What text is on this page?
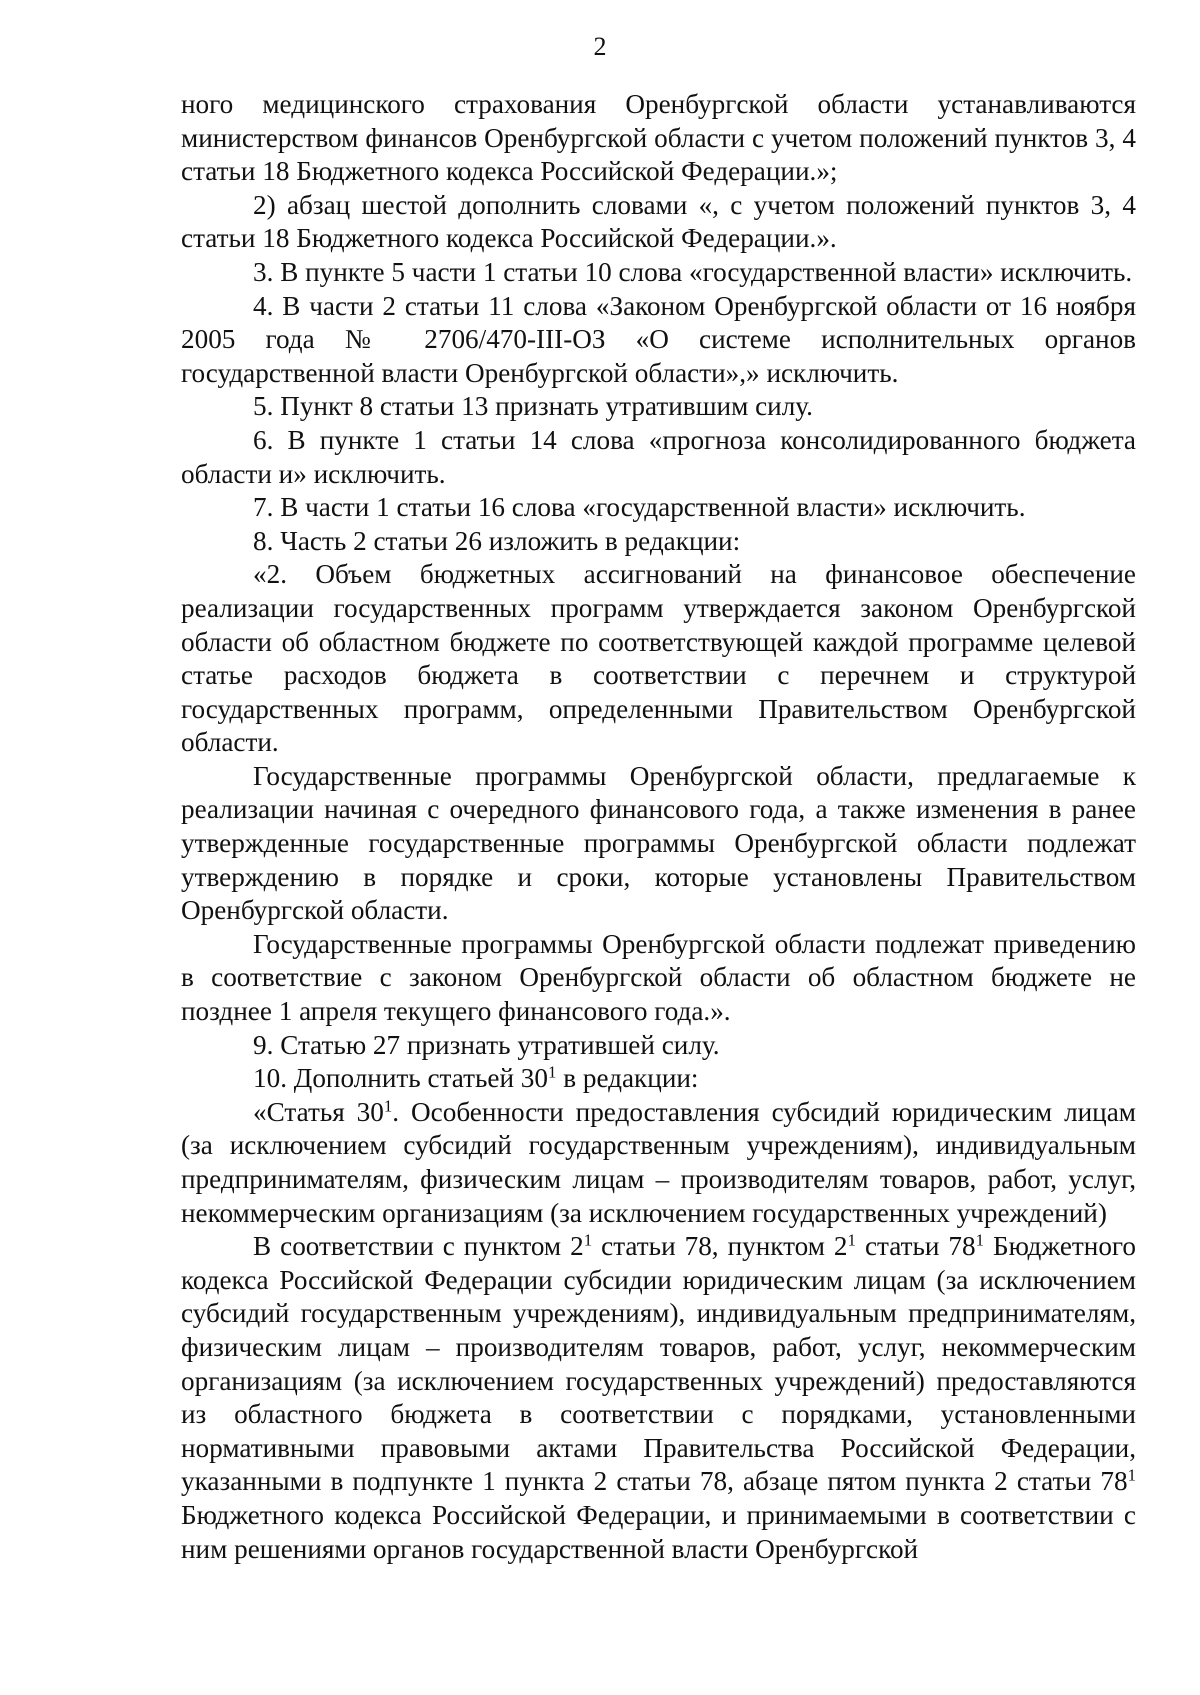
2

ного медицинского страхования Оренбургской области устанавливаются министерством финансов Оренбургской области с учетом положений пунктов 3, 4 статьи 18 Бюджетного кодекса Российской Федерации.»;

2) абзац шестой дополнить словами «, с учетом положений пунктов 3, 4 статьи 18 Бюджетного кодекса Российской Федерации.».

3. В пункте 5 части 1 статьи 10 слова «государственной власти» исключить.

4. В части 2 статьи 11 слова «Законом Оренбургской области от 16 ноября 2005 года № 2706/470-III-ОЗ «О системе исполнительных органов государственной власти Оренбургской области»,» исключить.

5. Пункт 8 статьи 13 признать утратившим силу.

6. В пункте 1 статьи 14 слова «прогноза консолидированного бюджета области и» исключить.

7. В части 1 статьи 16 слова «государственной власти» исключить.

8. Часть 2 статьи 26 изложить в редакции:

«2. Объем бюджетных ассигнований на финансовое обеспечение реализации государственных программ утверждается законом Оренбургской области об областном бюджете по соответствующей каждой программе целевой статье расходов бюджета в соответствии с перечнем и структурой государственных программ, определенными Правительством Оренбургской области.

Государственные программы Оренбургской области, предлагаемые к реализации начиная с очередного финансового года, а также изменения в ранее утвержденные государственные программы Оренбургской области подлежат утверждению в порядке и сроки, которые установлены Правительством Оренбургской области.

Государственные программы Оренбургской области подлежат приведению в соответствие с законом Оренбургской области об областном бюджете не позднее 1 апреля текущего финансового года.».

9. Статью 27 признать утратившей силу.

10. Дополнить статьей $30^1$ в редакции:

«Статья $30^1$. Особенности предоставления субсидий юридическим лицам (за исключением субсидий государственным учреждениям), индивидуальным предпринимателям, физическим лицам – производителям товаров, работ, услуг, некоммерческим организациям (за исключением государственных учреждений)

В соответствии с пунктом $2^1$ статьи 78, пунктом $2^1$ статьи $78^1$ Бюджетного кодекса Российской Федерации субсидии юридическим лицам (за исключением субсидий государственным учреждениям), индивидуальным предпринимателям, физическим лицам – производителям товаров, работ, услуг, некоммерческим организациям (за исключением государственных учреждений) предоставляются из областного бюджета в соответствии с порядками, установленными нормативными правовыми актами Правительства Российской Федерации, указанными в подпункте 1 пункта 2 статьи 78, абзаце пятом пункта 2 статьи $78^1$ Бюджетного кодекса Российской Федерации, и принимаемыми в соответствии с ним решениями органов государственной власти Оренбургской
